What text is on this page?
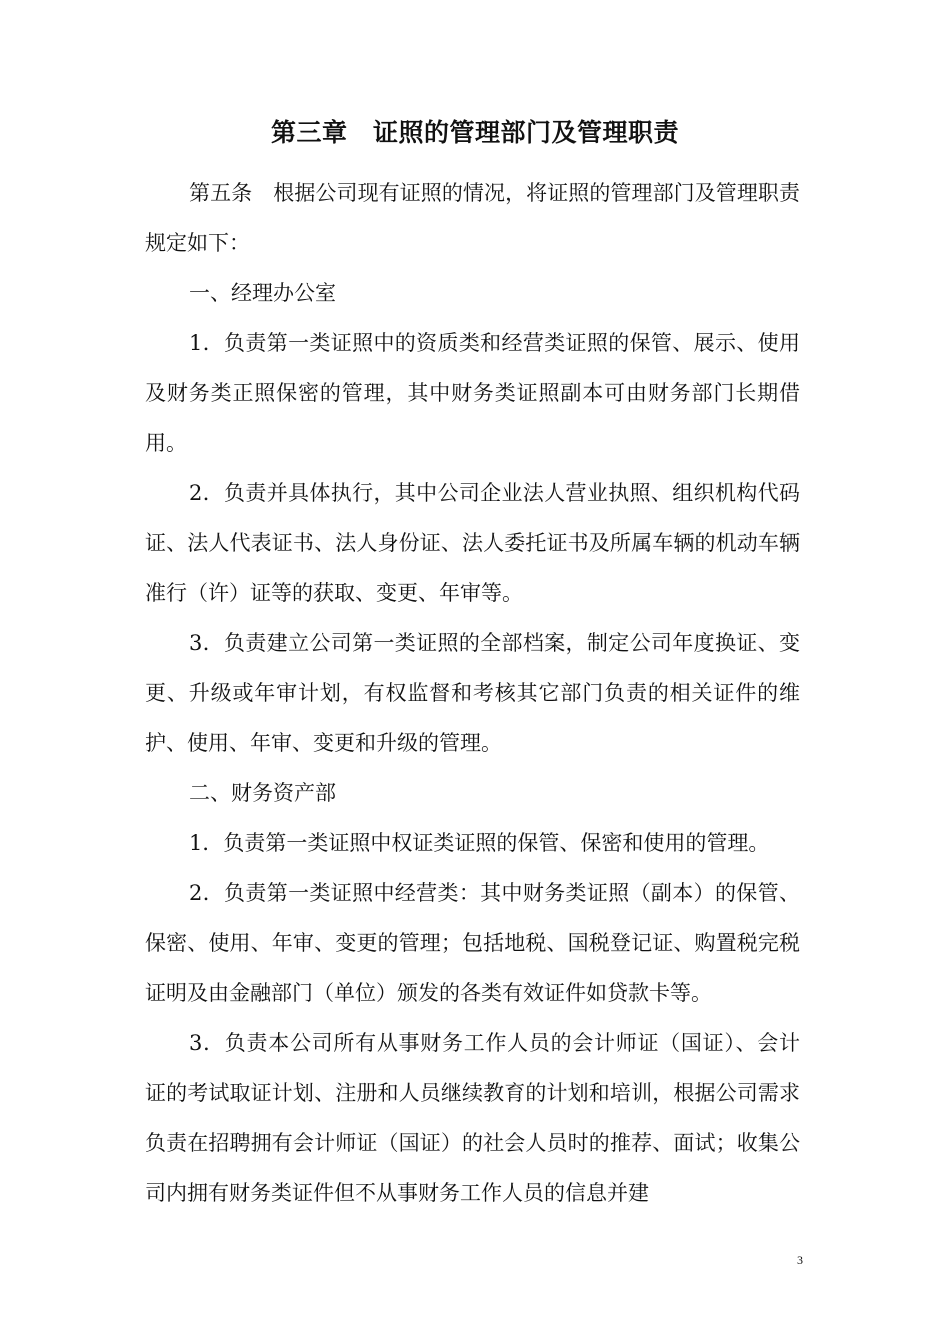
第三章　证照的管理部门及管理职责

第五条　根据公司现有证照的情况，将证照的管理部门及管理职责规定如下：

一、经理办公室

1．负责第一类证照中的资质类和经营类证照的保管、展示、使用及财务类正照保密的管理，其中财务类证照副本可由财务部门长期借用。

2．负责并具体执行，其中公司企业法人营业执照、组织机构代码证、法人代表证书、法人身份证、法人委托证书及所属车辆的机动车辆准行（许）证等的获取、变更、年审等。

3．负责建立公司第一类证照的全部档案，制定公司年度换证、变更、升级或年审计划，有权监督和考核其它部门负责的相关证件的维护、使用、年审、变更和升级的管理。

二、财务资产部

1．负责第一类证照中权证类证照的保管、保密和使用的管理。

2．负责第一类证照中经营类：其中财务类证照（副本）的保管、保密、使用、年审、变更的管理；包括地税、国税登记证、购置税完税证明及由金融部门（单位）颁发的各类有效证件如贷款卡等。

3．负责本公司所有从事财务工作人员的会计师证（国证）、会计证的考试取证计划、注册和人员继续教育的计划和培训，根据公司需求负责在招聘拥有会计师证（国证）的社会人员时的推荐、面试；收集公司内拥有财务类证件但不从事财务工作人员的信息并建

3
